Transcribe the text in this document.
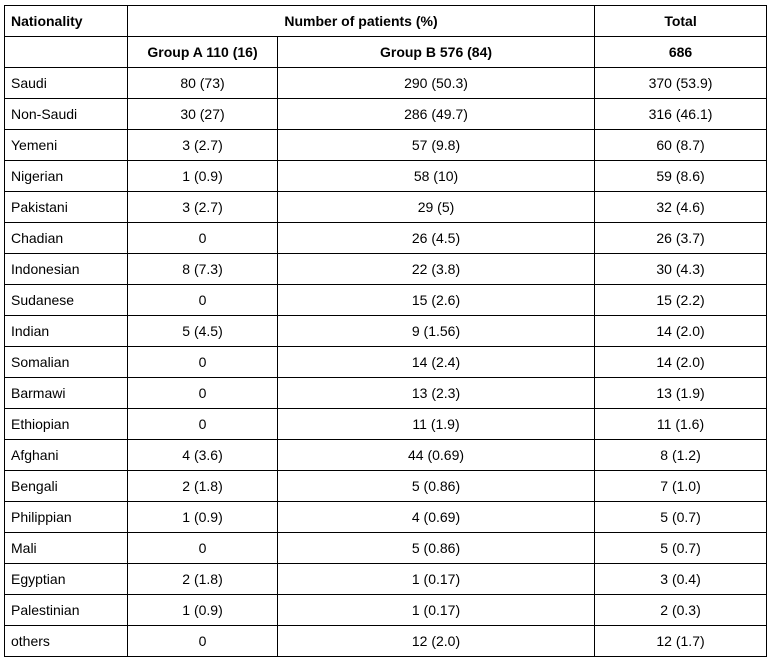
Nationality	Number of patients (%)		Total
	Group A 110 (16)	Group B 576 (84)	686
Saudi	80 (73)	290 (50.3)	370 (53.9)
Non-Saudi	30 (27)	286 (49.7)	316 (46.1)
Yemeni	3 (2.7)	57 (9.8)	60 (8.7)
Nigerian	1 (0.9)	58 (10)	59 (8.6)
Pakistani	3 (2.7)	29 (5)	32 (4.6)
Chadian	0	26 (4.5)	26 (3.7)
Indonesian	8 (7.3)	22 (3.8)	30 (4.3)
Sudanese	0	15 (2.6)	15 (2.2)
Indian	5 (4.5)	9 (1.56)	14 (2.0)
Somalian	0	14 (2.4)	14 (2.0)
Barmawi	0	13 (2.3)	13 (1.9)
Ethiopian	0	11 (1.9)	11 (1.6)
Afghani	4 (3.6)	44 (0.69)	8 (1.2)
Bengali	2 (1.8)	5 (0.86)	7 (1.0)
Philippian	1 (0.9)	4 (0.69)	5 (0.7)
Mali	0	5 (0.86)	5 (0.7)
Egyptian	2 (1.8)	1 (0.17)	3 (0.4)
Palestinian	1 (0.9)	1 (0.17)	2 (0.3)
others	0	12 (2.0)	12 (1.7)
